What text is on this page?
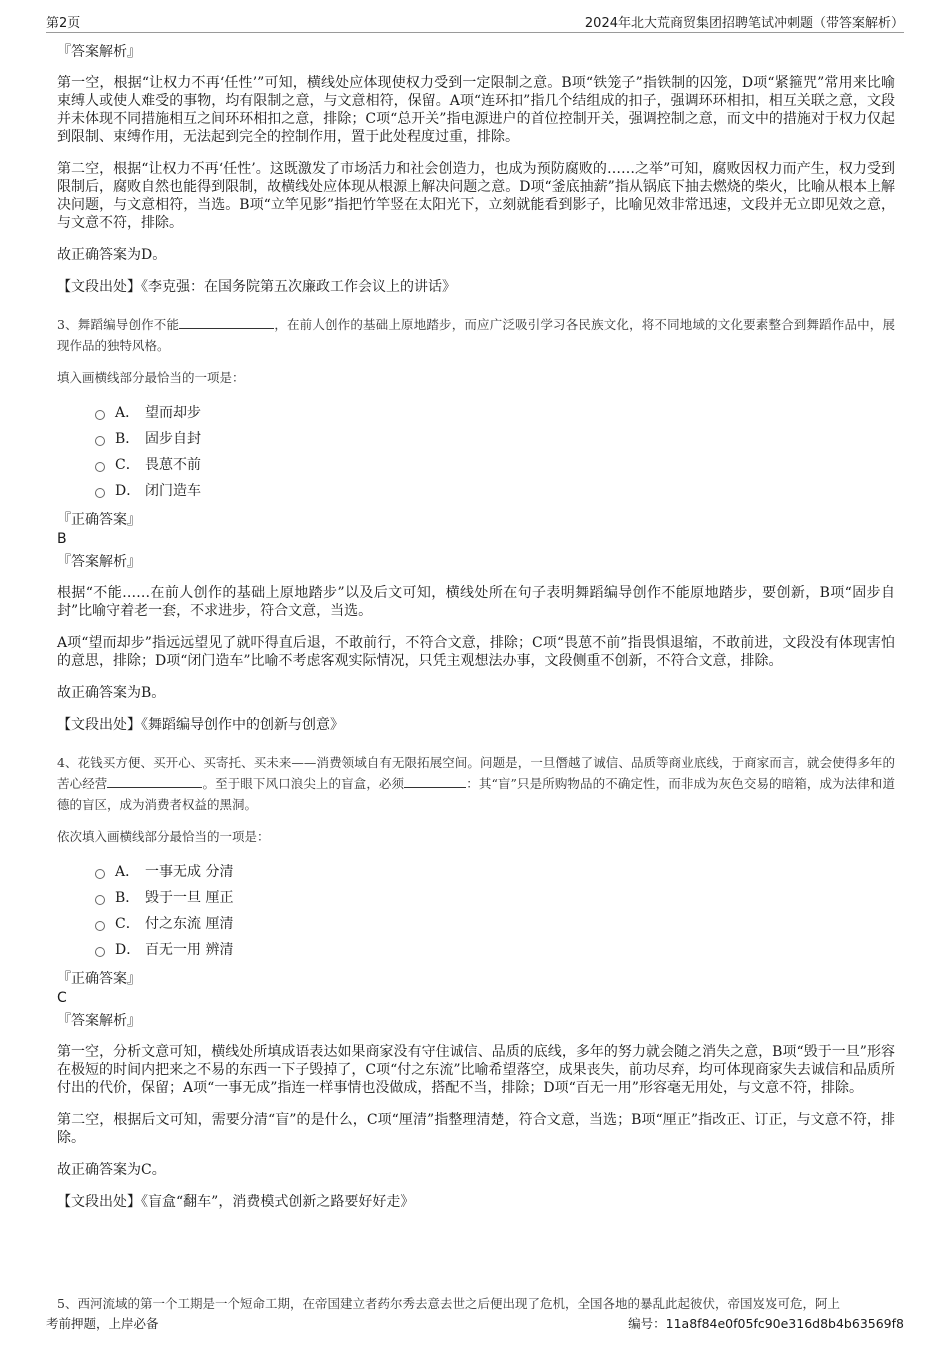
第2页	2024年北大荒商贸集团招聘笔试冲刺题（带答案解析）
『答案解析』

第一空，根据“让权力不再‘任性’”可知，横线处应体现使权力受到一定限制之意。B项“铁笼子”指铁制的囚笼，D项“紧箍咒”常用来比喻束缚人或使人难受的事物，均有限制之意，与文意相符，保留。A项“连环扣”指几个结组成的扣子，强调环环相扣，相互关联之意，文段并未体现不同措施相互之间环环相扣之意，排除；C项“总开关”指电源进户的首位控制开关，强调控制之意，而文中的措施对于权力仅起到限制、束缚作用，无法起到完全的控制作用，置于此处程度过重，排除。

第二空，根据“让权力不再‘任性’。这既激发了市场活力和社会创造力，也成为预防腐败的……之举”可知，腐败因权力而产生，权力受到限制后，腐败自然也能得到限制，故横线处应体现从根源上解决问题之意。D项“釜底抽薪”指从锅底下抽去燃烧的柴火，比喻从根本上解决问题，与文意相符，当选。B项“立竿见影”指把竹竿竖在太阳光下，立刻就能看到影子，比喻见效非常迅速，文段并无立即见效之意，与文意不符，排除。

故正确答案为D。

【文段出处】《李克强：在国务院第五次廉政工作会议上的讲话》

3、舞蹈编导创作不能	，在前人创作的基础上原地踏步，而应广泛吸引学习各民族文化，将不同地域的文化要素整合到舞蹈作品中，展现作品的独特风格。
填入画横线部分最恰当的一项是：
A． 望而却步
B． 固步自封
C． 畏葸不前
D． 闭门造车
『正确答案』
B
『答案解析』

根据“不能……在前人创作的基础上原地踏步”以及后文可知，横线处所在句子表明舞蹈编导创作不能原地踏步，要创新，B项“固步自封”比喻守着老一套，不求进步，符合文意，当选。

A项“望而却步”指远远望见了就吓得直后退，不敢前行，不符合文意，排除；C项“畏葸不前”指畏惧退缩，不敢前进，文段没有体现害怕的意思，排除；D项“闭门造车”比喻不考虑客观实际情况，只凭主观想法办事，文段侧重不创新，不符合文意，排除。

故正确答案为B。

【文段出处】《舞蹈编导创作中的创新与创意》

4、花钱买方便、买开心、买寄托、买未来——消费领域自有无限拓展空间。问题是，一旦僭越了诚信、品质等商业底线，于商家而言，就会使得多年的苦心经营	。至于眼下风口浪尖上的盲盒，必须	：其“盲”只是所购物品的不确定性，而非成为灰色交易的暗箱，成为法律和道德的盲区，成为消费者权益的黑洞。
依次填入画横线部分最恰当的一项是：
A． 一事无成 分清
B． 毁于一旦 厘正
C． 付之东流 厘清
D． 百无一用 辨清
『正确答案』
C
『答案解析』

第一空，分析文意可知，横线处所填成语表达如果商家没有守住诚信、品质的底线，多年的努力就会随之消失之意，B项“毁于一旦”形容在极短的时间内把来之不易的东西一下子毁掉了，C项“付之东流”比喻希望落空，成果丧失，前功尽弃，均可体现商家失去诚信和品质所付出的代价，保留；A项“一事无成”指连一样事情也没做成，搭配不当，排除；D项“百无一用”形容毫无用处，与文意不符，排除。

第二空，根据后文可知，需要分清“盲”的是什么，C项“厘清”指整理清楚，符合文意，当选；B项“厘正”指改正、订正，与文意不符，排除。

故正确答案为C。

【文段出处】《盲盒“翻车”，消费模式创新之路要好好走》

5、西河流域的第一个工期是一个短命工期，在帝国建立者药尔秀去意去世之后便出现了危机，全国各地的暴乱此起彼伏，帝国岌岌可危，阿上
考前押题，上岸必备	编号：11a8f84e0f05fc90e316d8b4b63569f8
